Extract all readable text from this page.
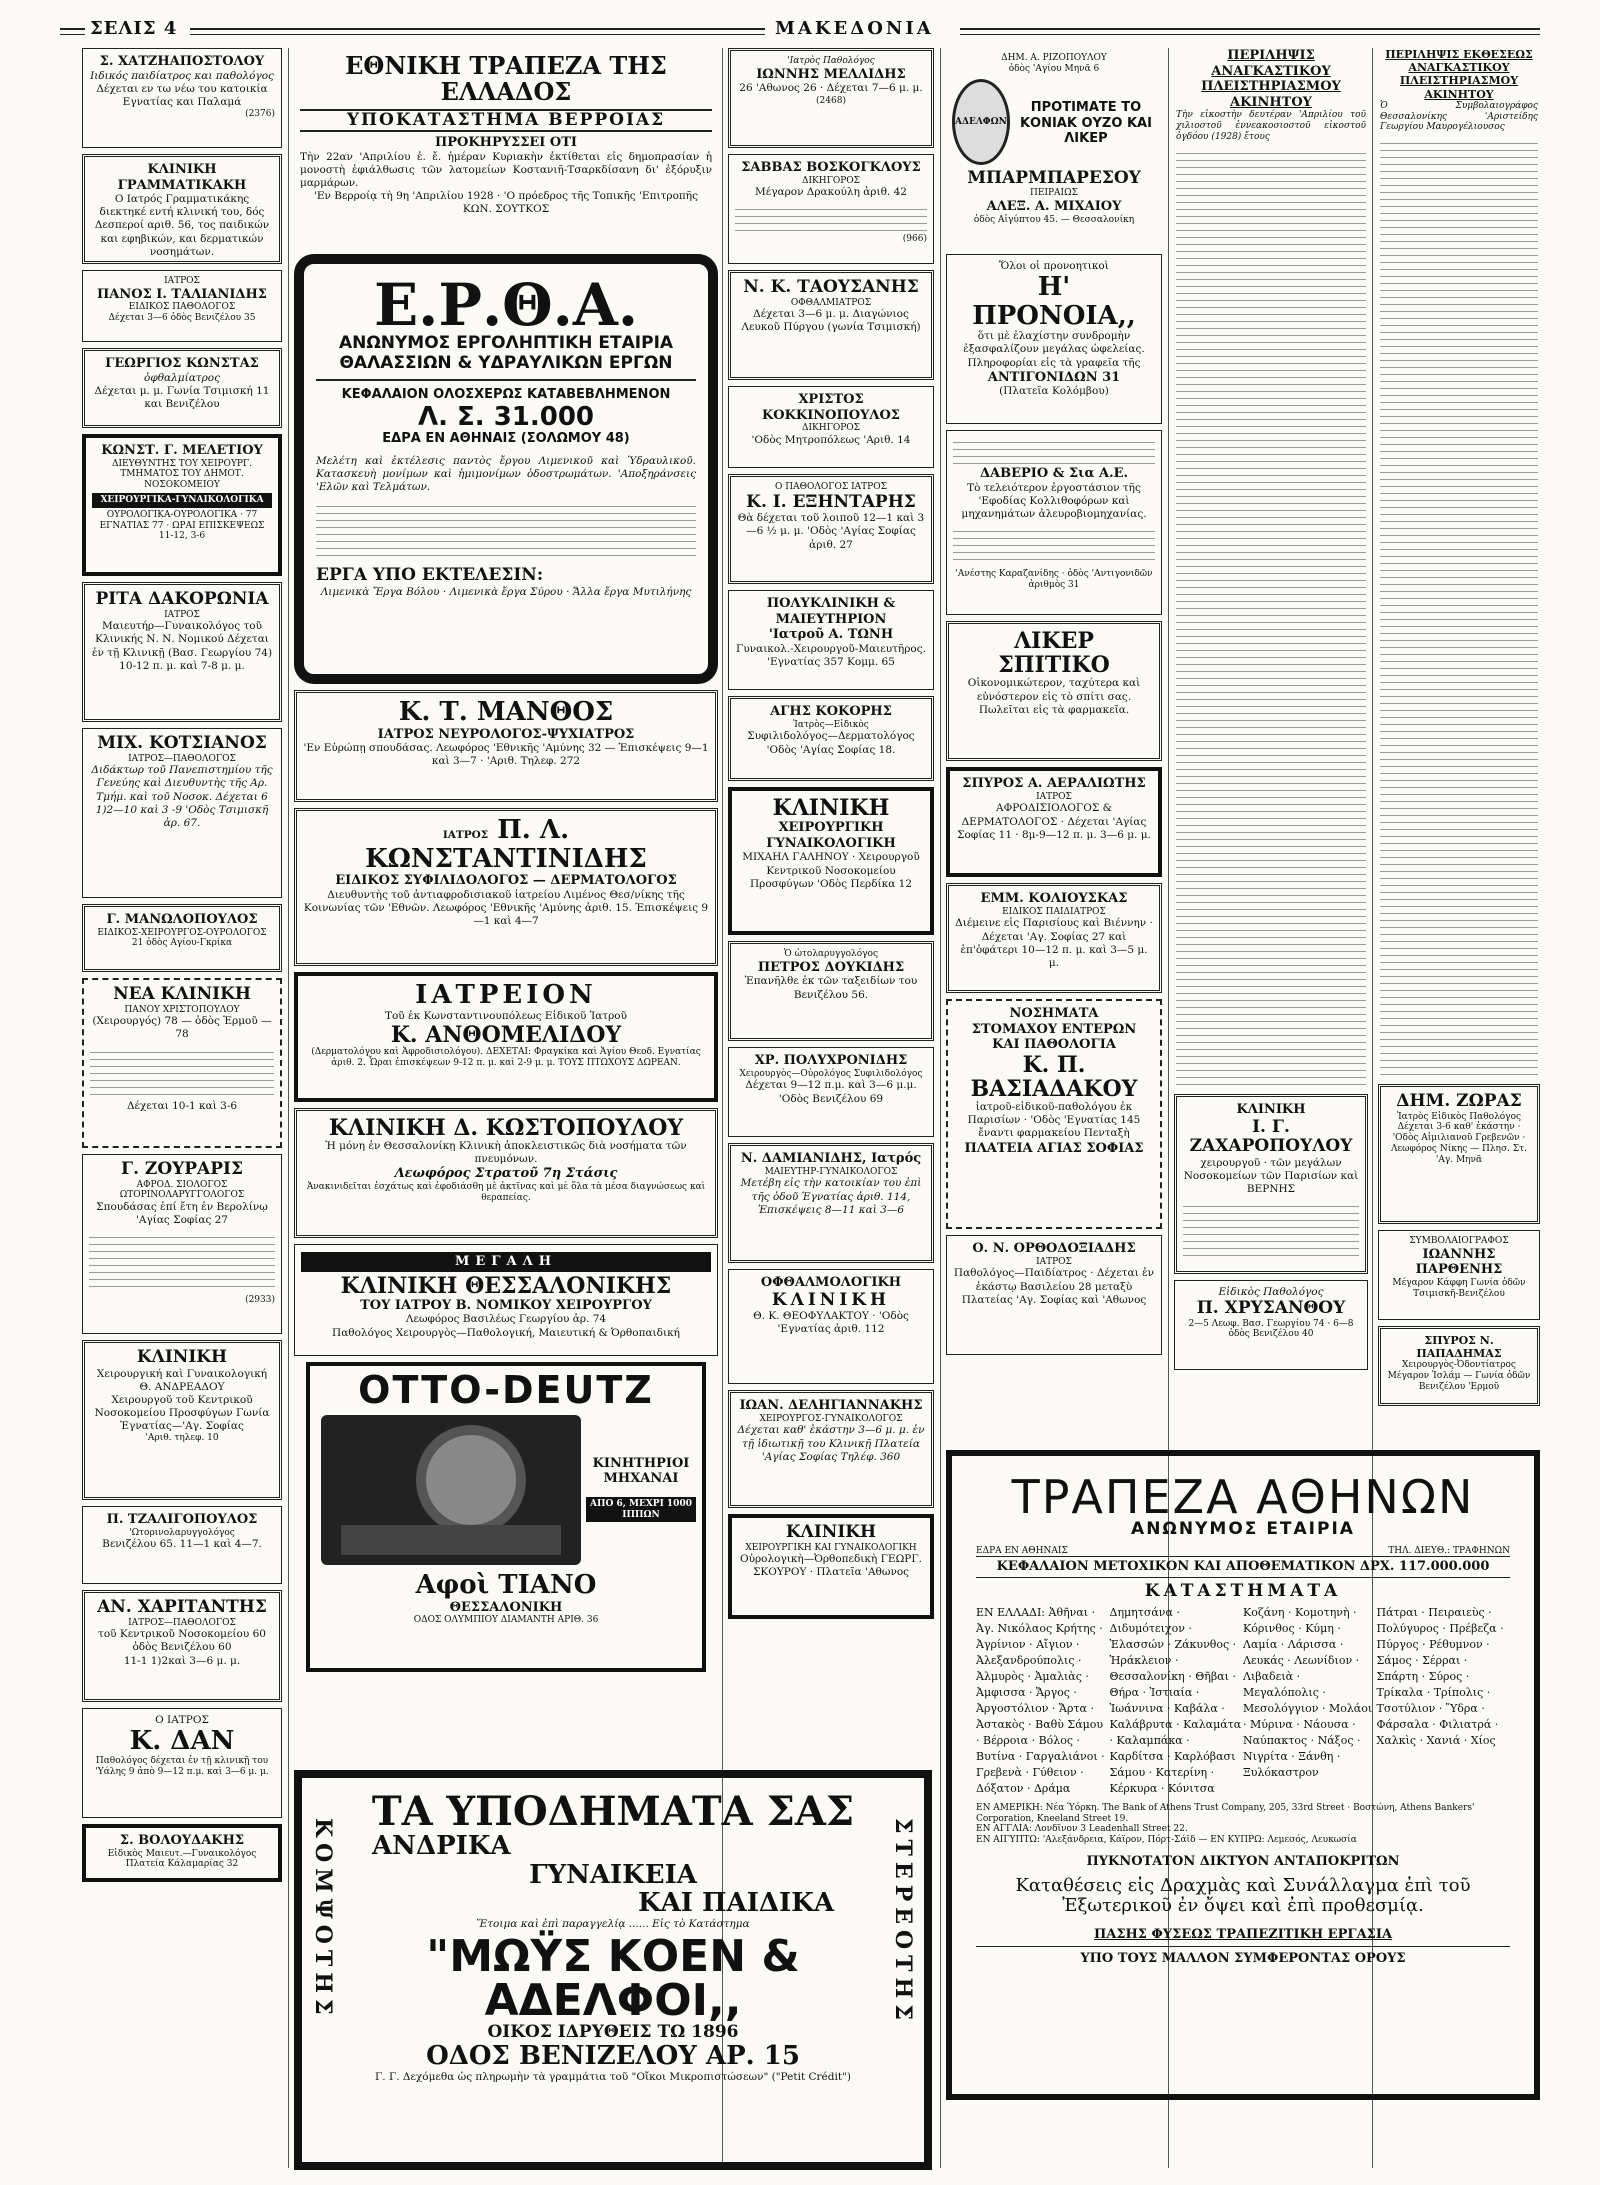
ΣΕΛΙΣ 4	ΜΑΚΕΔΟΝΙΑ
Σ. ΧΑΤΖΗΑΠΟΣΤΟΛΟΥ
Ιιδικός παιδίατρος και παθολόγος
Δέχεται εν τω νέω του κατοικία Εγνατίας και Παλαμά
(2376)
ΚΛΙΝΙΚΗ ΓΡΑΜΜΑΤΙΚΑΚΗ
Ο Ιατρός Γραμματικάκης διεκτηκέ εντή κλινική του, δός Δεσπεροί αριθ. 56, τος παιδικών και εφηβικών, και δερματικών νοσημάτων.
ΙΑΤΡΟΣ
ΠΑΝΟΣ Ι. ΤΑΛΙΑΝΙΔΗΣ
ΕΙΔΙΚΟΣ ΠΑΘΟΛΟΓΟΣ
Δέχεται 3—6 ὁδὸς Βενιζέλου 35
ΓΕΩΡΓΙΟΣ ΚΩΝΣΤΑΣ
ὀφθαλμίατρος
Δέχεται μ. μ. Γωνία Τσιμισκή 11 και Βενιζέλου
ΚΩΝΣΤ. Γ. ΜΕΛΕΤΙΟΥ
ΔΙΕΥΘΥΝΤΗΣ ΤΟΥ ΧΕΙΡΟΥΡΓ. ΤΜΗΜΑΤΟΣ ΤΟΥ ΔΗΜΟΤ. ΝΟΣΟΚΟΜΕΙΟΥ
ΧΕΙΡΟΥΡΓΙΚΑ-ΓΥΝΑΙΚΟΛΟΓΙΚΑ
ΟΥΡΟΛΟΓΙΚΑ-ΟΥΡΟΛΟΓΙΚΑ · 77 ΕΓΝΑΤΙΑΣ 77 · ΩΡΑΙ ΕΠΙΣΚΕΨΕΩΣ 11-12, 3-6
ΡΙΤΑ ΔΑΚΟΡΩΝΙΑ
ΙΑΤΡΟΣ
Μαιευτήρ—Γυναικολόγος τοῦ Κλινικής Ν. Ν. Νομικού Δέχεται ἐν τῇ Κλινικῇ (Βασ. Γεωργίου 74) 10-12 π. μ. καὶ 7-8 μ. μ.
ΜΙΧ. ΚΟΤΣΙΑΝΟΣ
ΙΑΤΡΟΣ—ΠΑΘΟΛΟΓΟΣ
Διδάκτωρ τοῦ Πανεπιστημίου τῆς Γενεύης καὶ Διευθυντὴς τῆς Αρ. Τμήμ. καὶ τοῦ Νοσοκ. Δέχεται 6 1)2—10 καὶ 3 -9 'Οδὸς Τσιμισκῆ ἀρ. 67.
Γ. ΜΑΝΩΛΟΠΟΥΛΟΣ
ΕΙΔΙΚΟΣ-ΧΕΙΡΟΥΡΓΟΣ-ΟΥΡΟΛΟΓΟΣ
21 ὁδὸς Αγίου-Γκρίκα
ΝΕΑ ΚΛΙΝΙΚΗ
ΠΑΝΟΥ ΧΡΙΣΤΟΠΟΥΛΟΥ
(Χειρουργός) 78 — ὁδὸς Ἑρμοῦ — 78
Δέχεται 10-1 καὶ 3-6
Γ. ΖΟΥΡΑΡΙΣ
ΑΦΡΟΔ. ΣΙΟΛΟΓΟΣ ΩΤΟΡΙΝΟΛΑΡΥΓΓΟΛΟΓΟΣ
Σπουδάσας ἐπί ἔτη ἐν Βερολίνῳ 'Αγίας Σοφίας 27
(2933)
ΚΛΙΝΙΚΗ
Χειρουργική καὶ Γυναικολογική Θ. ΑΝΔΡΕΑΔΟΥ
Χειρουργοῦ τοῦ Κεντρικοῦ Νοσοκομείου Προσφύγων Γωνία Ἐγνατίας—'Αγ. Σοφίας
'Αριθ. τηλεφ. 10
Π. ΤΖΑΛΙΓΟΠΟΥΛΟΣ
'Ωτορινολαρυγγολόγος
Βενιζέλου 65. 11—1 καὶ 4—7.
ΑΝ. ΧΑΡΙΤΑΝΤΗΣ
ΙΑΤΡΟΣ—ΠΑΘΟΛΟΓΟΣ
τοῦ Κεντρικοῦ Νοσοκομείου 60 ὁδὸς Βενιζέλου 60
11-1 1)2καὶ 3—6 μ. μ.
Ο ΙΑΤΡΟΣ
Κ. ΔΑΝ
Παθολόγος δέχεται ἐν τῇ κλινικῇ του 'Υάλης 9 ἀπὸ 9—12 π.μ. καὶ 3—6 μ. μ.
Σ. ΒΟΛΟΥΔΑΚΗΣ
Εἰδικὸς Μαιευτ.—Γυναικολόγος
Πλατεία Κάλαμαρίας 32
ΕΘΝΙΚΗ ΤΡΑΠΕΖΑ ΤΗΣ ΕΛΛΑΔΟΣ
ΥΠΟΚΑΤΑΣΤΗΜΑ ΒΕΡΡΟΙΑΣ
ΠΡΟΚΗΡΥΣΣΕΙ ΟΤΙ
Τὴν 22αν 'Απριλίου ἐ. ἔ. ἡμέραν Κυριακὴν ἐκτίθεται εἰς δημοπρασίαν ἡ μονοστὴ ἐφιάλθωσις τῶν λατομείων Κοστανιῆ-Τσαρκδίσανη δι' ἐξόρυξιν μαρμάρων.
'Εν Βερροίᾳ τὴ 9η 'Απριλίου 1928 · 'Ο πρόεδρος τῆς Τοπικῆς 'Επιτροπῆς ΚΩΝ. ΣΟΥΤΚΟΣ
Ε.Ρ.Θ.Α.
ΑΝΩΝΥΜΟΣ ΕΡΓΟΛΗΠΤΙΚΗ ΕΤΑΙΡΙΑ
ΘΑΛΑΣΣΙΩΝ & ΥΔΡΑΥΛΙΚΩΝ ΕΡΓΩΝ
ΚΕΦΑΛΑΙΟΝ ΟΛΟΣΧΕΡΩΣ ΚΑΤΑΒΕΒΛΗΜΕΝΟΝ
Λ. Σ. 31.000
ΕΔΡΑ ΕΝ ΑΘΗΝΑΙΣ (ΣΟΛΩΜΟΥ 48)
Μελέτη καὶ ἐκτέλεσις παντὸς ἔργου Λιμενικοῦ καὶ Ὑδραυλικοῦ. Κατασκευὴ μονίμων καὶ ἡμιμονίμων ὁδοστρωμάτων. 'Αποξηράνσεις 'Ελῶν καὶ Τελμάτων.
ΕΡΓΑ ΥΠΟ ΕΚΤΕΛΕΣΙΝ:
Λιμενικὰ Ἔργα Βόλου · Λιμενικὰ ἔργα Σύρου · Ἄλλα ἔργα Μυτιλήνης
Κ. Τ. ΜΑΝΘΟΣ
ΙΑΤΡΟΣ ΝΕΥΡΟΛΟΓΟΣ-ΨΥΧΙΑΤΡΟΣ
'Εν Εὐρώπῃ σπουδάσας. Λεωφόρος 'Εθνικῆς 'Αμύνης 32 — Ἐπισκέψεις 9—1 καὶ 3—7 · 'Αριθ. Τηλεφ. 272
ΙΑΤΡΟΣ Π. Λ. ΚΩΝΣΤΑΝΤΙΝΙΔΗΣ
ΕΙΔΙΚΟΣ ΣΥΦΙΛΙΔΟΛΟΓΟΣ — ΔΕΡΜΑΤΟΛΟΓΟΣ
Διευθυντὴς τοῦ ἀντιαφροδισιακοῦ ἰατρείου Λιμένος Θεσ/νίκης τῆς Κοινωνίας τῶν 'Εθνῶν. Λεωφόρος 'Εθνικῆς 'Αμύνης ἀριθ. 15. Ἐπισκέψεις 9—1 καὶ 4—7
ΙΑΤΡΕΙΟΝ
Τοῦ ἐκ Κωνσταντινουπόλεως Εἰδικοῦ Ἰατροῦ
Κ. ΑΝΘΟΜΕΛΙΔΟΥ
(Δερματολόγου καὶ Ἀφροδισιολόγου). ΔΕΧΕΤΑΙ: Φραγκίκα καὶ Ἁγίου Θεοδ. Εγνατίας ἀριθ. 2. Ὧραι ἐπισκέψεων 9-12 π. μ. καὶ 2-9 μ. μ. ΤΟΥΣ ΠΤΩΧΟΥΣ ΔΩΡΕΑΝ.
ΚΛΙΝΙΚΗ Δ. ΚΩΣΤΟΠΟΥΛΟΥ
Ἡ μόνη ἐν Θεσσαλονίκῃ Κλινικὴ ἀποκλειστικῶς διὰ νοσήματα τῶν πνευμόνων.
Λεωφόρος Στρατοῦ 7η Στάσις
Ἀνακινιδεῖται ἐσχάτως καὶ ἐφοδιάσθη μὲ ἀκτῖνας καὶ μὲ ὅλα τὰ μέσα διαγνώσεως καὶ θεραπείας.
ΜΕΓΑΛΗ
ΚΛΙΝΙΚΗ ΘΕΣΣΑΛΟΝΙΚΗΣ
ΤΟΥ ΙΑΤΡΟΥ Β. ΝΟΜΙΚΟΥ ΧΕΙΡΟΥΡΓΟΥ
Λεωφόρος Βασιλέως Γεωργίου ἀρ. 74
Παθολόγος Χειρουργὸς—Παθολογική, Μαιευτική & Ὀρθοπαιδική
OTTO-DEUTZ
ΚΙΝΗΤΗΡΙΟΙ
ΜΗΧΑΝΑΙ
ΑΠΟ 6, ΜΕΧΡΙ 1000 ΙΠΠΩΝ
Αφοὶ ΤΙΑΝΟ
ΘΕΣΣΑΛΟΝΙΚΗ
ΟΔΟΣ ΟΛΥΜΠΙΟΥ ΔΙΑΜΑΝΤΗ ΑΡΙΘ. 36
'Ιατρὸς Παθολόγος
ΙΩΝΝΗΣ ΜΕΛΛΙΔΗΣ
26 'Αθωνος 26 · Δέχεται 7—6 μ. μ.
(2468)
ΣΑΒΒΑΣ ΒΟΣΚΟΓΚΛΟΥΣ
ΔΙΚΗΓΟΡΟΣ
Μέγαρον Δρακούλη ἀριθ. 42
(966)
Ν. Κ. ΤΑΟΥΣΑΝΗΣ
ΟΦΘΑΛΜΙΑΤΡΟΣ
Δέχεται 3—6 μ. μ. Διαγώνιος Λευκοῦ Πύργου (γωνία Τσιμισκή)
ΧΡΙΣΤΟΣ ΚΟΚΚΙΝΟΠΟΥΛΟΣ
ΔΙΚΗΓΟΡΟΣ
'Οδὸς Μητροπόλεως 'Αριθ. 14
Ο ΠΑΘΟΛΟΓΟΣ ΙΑΤΡΟΣ
Κ. Ι. ΕΞΗΝΤΑΡΗΣ
Θὰ δέχεται τοῦ λοιποῦ 12—1 καὶ 3—6 ½ μ. μ. 'Οδὸς 'Αγίας Σοφίας ἀριθ. 27
ΠΟΛΥΚΛΙΝΙΚΗ & ΜΑΙΕΥΤΗΡΙΟΝ
'Ιατροῦ Α. ΤΩΝΗ
Γυναικολ.-Χειρουργοῦ-Μαιευτῆρος. 'Εγνατίας 357 Κομμ. 65
ΑΓΗΣ ΚΟΚΟΡΗΣ
Ἰατρὸς—Εἰδικὸς
Συφιλιδολόγος—Δερματολόγος 'Οδὸς 'Αγίας Σοφίας 18.
ΚΛΙΝΙΚΗ
ΧΕΙΡΟΥΡΓΙΚΗ ΓΥΝΑΙΚΟΛΟΓΙΚΗ
ΜΙΧΑΗΛ ΓΑΛΗΝΟΥ · Χειρουργοῦ Κεντρικοῦ Νοσοκομείου Προσφύγων 'Οδὸς Περδίκα 12
Ὁ ὠτολαρυγγολόγος
ΠΕΤΡΟΣ ΔΟΥΚΙΔΗΣ
Ἐπανῆλθε ἐκ τῶν ταξειδίων του Βενιζέλου 56.
ΧΡ. ΠΟΛΥΧΡΟΝΙΔΗΣ
Χειρουργὸς—Οὐρολόγος Συφιλιδολόγος
Δέχεται 9—12 π.μ. καὶ 3—6 μ.μ. 'Οδὸς Βενιζέλου 69
Ν. ΔΑΜΙΑΝΙΔΗΣ, Ιατρός
ΜΑΙΕΥΤΗΡ-ΓΥΝΑΙΚΟΛΟΓΟΣ
Μετέβη εἰς τὴν κατοικίαν του ἐπὶ τῆς ὁδοῦ Ἐγνατίας ἀριθ. 114, Ἐπισκέψεις 8—11 καὶ 3—6
ΟΦΘΑΛΜΟΛΟΓΙΚΗ
ΚΛΙΝΙΚΗ
Θ. Κ. ΘΕΟΦΥΛΑΚΤΟΥ · 'Οδὸς 'Εγνατίας ἀριθ. 112
ΙΩΑΝ. ΔΕΛΗΓΙΑΝΝΑΚΗΣ
ΧΕΙΡΟΥΡΓΟΣ-ΓΥΝΑΙΚΟΛΟΓΟΣ
Δέχεται καθ' ἑκάστην 3—6 μ. μ. ἐν τῇ ἰδιωτικῇ του Κλινικῇ Πλατεία 'Αγίας Σοφίας Τηλέφ. 360
ΚΛΙΝΙΚΗ
ΧΕΙΡΟΥΡΓΙΚΗ ΚΑΙ ΓΥΝΑΙΚΟΛΟΓΙΚΗ
Οὐρολογικὴ—Ὀρθοπεδικὴ ΓΕΩΡΓ. ΣΚΟΥΡΟΥ · Πλατεῖα 'Αθωνος
ΔΗΜ. Α. ΡΙΖΟΠΟΥΛΟΥ
ὁδὸς 'Αγίου Μηνᾶ 6
ΑΔΕΛΦΩΝ
ΠΡΟΤΙΜΑΤΕ ΤΟ ΚΟΝΙΑΚ ΟΥΖΟ ΚΑΙ ΛΙΚΕΡ
ΜΠΑΡΜΠΑΡΕΣΟΥ
ΠΕΙΡΑΙΩΣ
ΑΛΕΞ. Α. ΜΙΧΑΙΟΥ
ὁδὸς Αἰγύπτου 45. — Θεσσαλονίκη
Ὅλοι οἱ προνοητικοὶ
Η' ΠΡΟΝΟΙΑ,,
ὅτι μὲ ἐλαχίστην συνδρομὴν ἐξασφαλίζουν μεγάλας ὠφελείας. Πληροφορίαι εἰς τὰ γραφεῖα τῆς
ΑΝΤΙΓΟΝΙΔΩΝ 31
(Πλατεῖα Κολόμβου)
ΔΑΒΕΡΙΟ & Σια Α.Ε.
Τὸ τελειότερον ἐργοστάσιον τῆς 'Εφοδίας Κολλιθοφόρων καὶ μηχανημάτων ἀλευροβιομηχανίας.
'Ανέστης Καραζανίδης · ὁδὸς 'Αντιγονιδῶν ἀριθμὸς 31
ΛΙΚΕΡ ΣΠΙΤΙΚΟ
Οἰκονομικώτερον, ταχύτερα καὶ εὐνόστερον εἰς τὸ σπίτι σας. Πωλεῖται εἰς τὰ φαρμακεῖα.
ΣΠΥΡΟΣ Α. ΑΕΡΑΛΙΩΤΗΣ
ΙΑΤΡΟΣ
ΑΦΡΟΔΙΣΙΟΛΟΓΟΣ & ΔΕΡΜΑΤΟΛΟΓΟΣ · Δέχεται 'Αγίας Σοφίας 11 · 8μ-9—12 π. μ. 3—6 μ. μ.
ΕΜΜ. ΚΟΛΙΟΥΣΚΑΣ
ΕΙΔΙΚΟΣ ΠΑΙΔΙΑΤΡΟΣ
Διέμεινε εἰς Παρισίους καὶ Βιέννην · Δέχεται 'Αγ. Σοφίας 27 καὶ ἑπ'ὀφάτερι 10—12 π. μ. καὶ 3—5 μ. μ.
ΝΟΣΗΜΑΤΑ
ΣΤΟΜΑΧΟΥ ΕΝΤΕΡΩΝ
ΚΑΙ ΠΑΘΟΛΟΓΙΑ
Κ. Π. ΒΑΣΙΑΔΑΚΟΥ
ἰατροῦ-εἰδικοῦ-παθολόγου ἐκ Παρισίων · 'Οδὸς 'Εγνατίας 145 ἔναντι φαρμακείου Πενταξὴ
ΠΛΑΤΕΙΑ ΑΓΙΑΣ ΣΟΦΙΑΣ
Ο. Ν. ΟΡΘΟΔΟΞΙΑΔΗΣ
ΙΑΤΡΟΣ
Παθολόγος—Παιδίατρος · Δέχεται ἐν ἐκάστῳ Βασιλείου 28 μεταξὺ Πλατείας 'Αγ. Σοφίας καὶ 'Αθωνος
ΠΕΡΙΛΗΨΙΣ ΑΝΑΓΚΑΣΤΙΚΟΥ ΠΛΕΙΣΤΗΡΙΑΣΜΟΥ ΑΚΙΝΗΤΟΥ
Τὴν εἰκοστὴν δευτέραν 'Απριλίου τοῦ χιλιοστοῦ ἐννεακοσιοστοῦ εἰκοστοῦ ὀγδόου (1928) ἔτους
ΚΛΙΝΙΚΗ
Ι. Γ. ΖΑΧΑΡΟΠΟΥΛΟΥ
χειρουργοῦ · τῶν μεγάλων Νοσοκομείων τῶν Παρισίων καὶ ΒΕΡΝΗΣ
Εἰδικὸς Παθολόγος
Π. ΧΡΥΣΑΝΘΟΥ
2—5 Λεωφ. Βασ. Γεωργίου 74 · 6—8 ὁδὸς Βενιζέλου 40
ΠΕΡΙΛΗΨΙΣ ΕΚΘΕΣΕΩΣ ΑΝΑΓΚΑΣΤΙΚΟΥ ΠΛΕΙΣΤΗΡΙΑΣΜΟΥ ΑΚΙΝΗΤΟΥ
Ὁ Συμβολαιογράφος Θεσσαλονίκης 'Αριστείδης Γεωργίου Μαυρογέλιουσος
ΔΗΜ. ΖΩΡΑΣ
Ἰατρὸς Εἰδικὸς Παθολόγος
Δέχεται 3-6 καθ' ἑκάστην · 'Οδὸς Αἰμιλιανοῦ Γρεβενῶν · Λεωφόρος Νίκης — Πλησ. Στ. 'Αγ. Μηνᾶ
ΣΥΜΒΟΛΑΙΟΓΡΑΦΟΣ
ΙΩΑΝΝΗΣ ΠΑΡΘΕΝΗΣ
Μέγαρον Κάφφη Γωνία ὁδῶν Τσιμισκῆ-Βενιζέλου
ΣΠΥΡΟΣ Ν. ΠΑΠΑΔΗΜΑΣ
Χειρουργὸς-Ὀδοντίατρος
Μέγαρον Ἰσλάμ — Γωνία ὁδῶν Βενιζέλου 'Ερμοῦ
ΤΡΑΠΕΖΑ ΑΘΗΝΩΝ
ΑΝΩΝΥΜΟΣ ΕΤΑΙΡΙΑ
ΕΔΡΑ ΕΝ ΑΘΗΝΑΙΣ	ΤΗΛ. ΔΙΕΥΘ.: ΤΡΑΦΗΝΩΝ
ΚΕΦΑΛΑΙΟΝ ΜΕΤΟΧΙΚΟΝ ΚΑΙ ΑΠΟΘΕΜΑΤΙΚΟΝ ΔΡΧ. 117.000.000
ΚΑΤΑΣΤΗΜΑΤΑ
ΕΝ ΕΛΛΑΔΙ: Ἀθῆναι · Ἀγ. Νικόλαος Κρήτης · Ἀγρίνιον · Αἴγιον · Ἀλεξανδρούπολις · Ἀλμυρὸς · Ἀμαλιὰς · Ἀμφισσα · Ἄργος · Ἀργοστόλιον · Ἄρτα · Ἀστακὸς · Βαθὺ Σάμου · Βέρροια · Βόλος · Βυτίνα · Γαργαλιάνοι · Γρεβενὰ · Γύθειον · Δόξατον · Δράμα
Δημητσάνα · Διδυμότειχον · Ἐλασσών · Ζάκυνθος · Ἡράκλειον · Θεσσαλονίκη · Θῆβαι · Θήρα · Ἰστιαία · Ἰωάννινα · Καβάλα · Καλάβρυτα · Καλαμάτα · Καλαμπάκα · Καρδίτσα · Καρλόβασι Σάμου · Κατερίνη · Κέρκυρα · Κόνιτσα
Κοζάνη · Κομοτηνὴ · Κόρινθος · Κύμη · Λαμία · Λάρισσα · Λευκάς · Λεωνίδιον · Λιβαδειὰ · Μεγαλόπολις · Μεσολόγγιον · Μολάοι · Μύρινα · Νάουσα · Ναύπακτος · Νάξος · Νιγρίτα · Ξάνθη · Ξυλόκαστρον
Πάτραι · Πειραιεὺς · Πολύγυρος · Πρέβεζα · Πύργος · Ρέθυμνον · Σάμος · Σέρραι · Σπάρτη · Σύρος · Τρίκαλα · Τρίπολις · Τσοτύλιον · Ὕδρα · Φάρσαλα · Φιλιατρά · Χαλκὶς · Χανιά · Χίος
ΕΝ ΑΜΕΡΙΚΗ: Νέα Ὑόρκη. The Bank of Athens Trust Company, 205, 33rd Street · Βοστώνη, Athens Bankers' Corporation, Kneeland Street 19.
ΕΝ ΑΓΓΛΙΑ: Λονδῖνον 3 Leadenhall Street 22.
ΕΝ ΑΙΓΥΠΤΩ: 'Αλεξάνδρεια, Κάϊρον, Πόρτ-Σάϊδ — ΕΝ ΚΥΠΡΩ: Λεμεσός, Λευκωσία
ΠΥΚΝΟΤΑΤΟΝ ΔΙΚΤΥΟΝ ΑΝΤΑΠΟΚΡΙΤΩΝ
Καταθέσεις εἰς Δραχμὰς καὶ Συνάλλαγμα ἐπὶ τοῦ Ἐξωτερικοῦ ἐν ὄψει καὶ ἐπὶ προθεσμίᾳ.
ΠΑΣΗΣ ΦΥΣΕΩΣ ΤΡΑΠΕΖΙΤΙΚΗ ΕΡΓΑΣΙΑ
ΥΠΟ ΤΟΥΣ ΜΑΛΛΟΝ ΣΥΜΦΕΡΟΝΤΑΣ ΟΡΟΥΣ
ΚΟΜΨΟΤΗΣ	ΣΤΕΡΕΟΤΗΣ
ΤΑ ΥΠΟΔΗΜΑΤΑ ΣΑΣ
ΑΝΔΡΙΚΑ
ΓΥΝΑΙΚΕΙΑ
ΚΑΙ ΠΑΙΔΙΚΑ
Ἕτοιμα καὶ ἐπὶ παραγγελίᾳ ...... Εἰς τὸ Κατάστημα
"ΜΩΫΣ ΚΟΕΝ & ΑΔΕΛΦΟΙ,,
ΟΙΚΟΣ ΙΔΡΥΘΕΙΣ ΤΩ 1896
ΟΔΟΣ ΒΕΝΙΖΕΛΟΥ ΑΡ. 15
Γ. Γ. Δεχόμεθα ὡς πληρωμὴν τὰ γραμμάτια τοῦ "Οἴκοι Μικροπιστώσεων" ("Petit Crédit")
